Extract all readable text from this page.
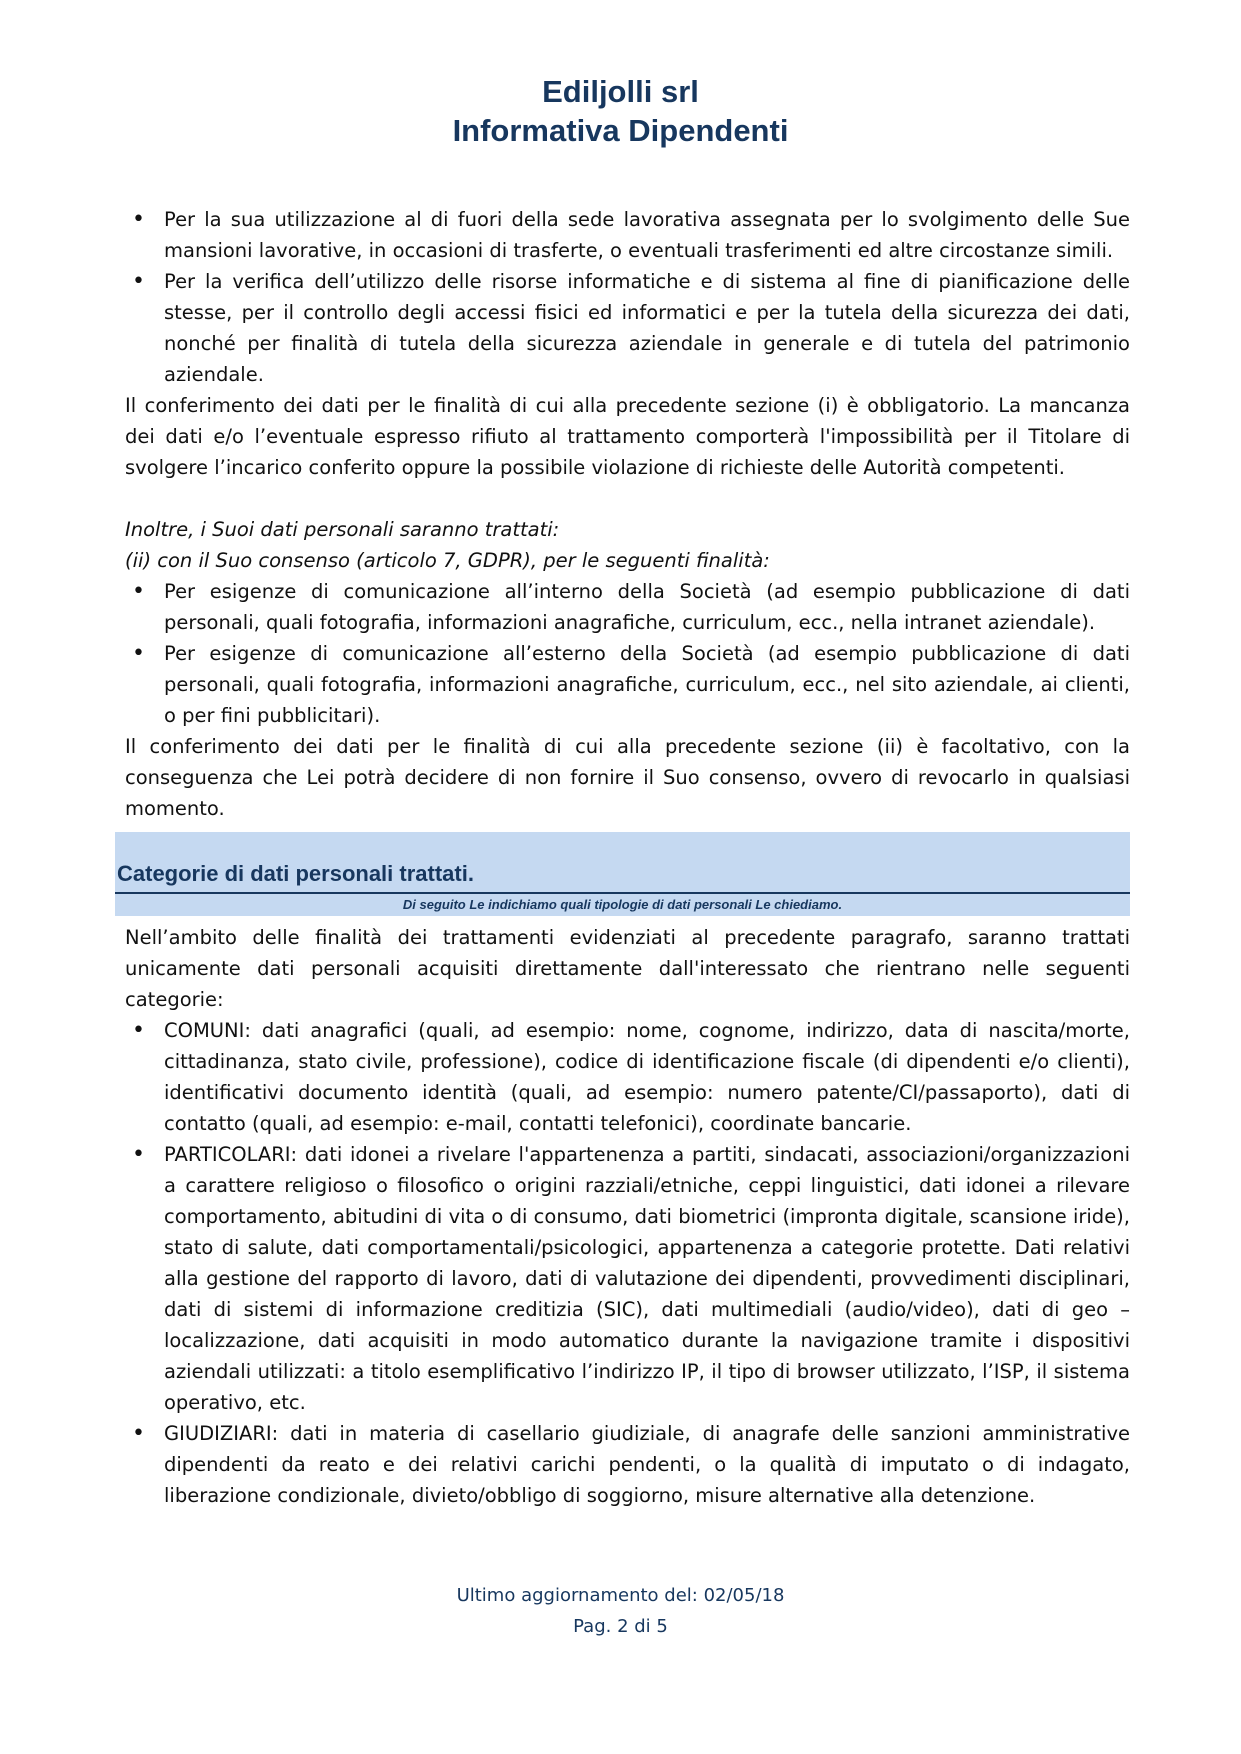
Ediljolli srl
Informativa Dipendenti
• Per la sua utilizzazione al di fuori della sede lavorativa assegnata per lo svolgimento delle Sue mansioni lavorative, in occasioni di trasferte, o eventuali trasferimenti ed altre circostanze simili.
• Per la verifica dell’utilizzo delle risorse informatiche e di sistema al fine di pianificazione delle stesse, per il controllo degli accessi fisici ed informatici e per la tutela della sicurezza dei dati, nonché per finalità di tutela della sicurezza aziendale in generale e di tutela del patrimonio aziendale.

Il conferimento dei dati per le finalità di cui alla precedente sezione (i) è obbligatorio. La mancanza dei dati e/o l’eventuale espresso rifiuto al trattamento comporterà l'impossibilità per il Titolare di svolgere l’incarico conferito oppure la possibile violazione di richieste delle Autorità competenti.

Inoltre, i Suoi dati personali saranno trattati:

(ii) con il Suo consenso (articolo 7, GDPR), per le seguenti finalità:

• Per esigenze di comunicazione all’interno della Società (ad esempio pubblicazione di dati personali, quali fotografia, informazioni anagrafiche, curriculum, ecc., nella intranet aziendale).
• Per esigenze di comunicazione all’esterno della Società (ad esempio pubblicazione di dati personali, quali fotografia, informazioni anagrafiche, curriculum, ecc., nel sito aziendale, ai clienti, o per fini pubblicitari).

Il conferimento dei dati per le finalità di cui alla precedente sezione (ii) è facoltativo, con la conseguenza che Lei potrà decidere di non fornire il Suo consenso, ovvero di revocarlo in qualsiasi momento.

Categorie di dati personali trattati.
Di seguito Le indichiamo quali tipologie di dati personali Le chiediamo.

Nell’ambito delle finalità dei trattamenti evidenziati al precedente paragrafo, saranno trattati unicamente dati personali acquisiti direttamente dall'interessato che rientrano nelle seguenti categorie:

• COMUNI: dati anagrafici (quali, ad esempio: nome, cognome, indirizzo, data di nascita/morte, cittadinanza, stato civile, professione), codice di identificazione fiscale (di dipendenti e/o clienti), identificativi documento identità (quali, ad esempio: numero patente/CI/passaporto), dati di contatto (quali, ad esempio: e-mail, contatti telefonici), coordinate bancarie.
• PARTICOLARI: dati idonei a rivelare l'appartenenza a partiti, sindacati, associazioni/organizzazioni a carattere religioso o filosofico o origini razziali/etniche, ceppi linguistici, dati idonei a rilevare comportamento, abitudini di vita o di consumo, dati biometrici (impronta digitale, scansione iride), stato di salute, dati comportamentali/psicologici, appartenenza a categorie protette. Dati relativi alla gestione del rapporto di lavoro, dati di valutazione dei dipendenti, provvedimenti disciplinari, dati di sistemi di informazione creditizia (SIC), dati multimediali (audio/video), dati di geo – localizzazione, dati acquisiti in modo automatico durante la navigazione tramite i dispositivi aziendali utilizzati: a titolo esemplificativo l’indirizzo IP, il tipo di browser utilizzato, l’ISP, il sistema operativo, etc.
• GIUDIZIARI: dati in materia di casellario giudiziale, di anagrafe delle sanzioni amministrative dipendenti da reato e dei relativi carichi pendenti, o la qualità di imputato o di indagato, liberazione condizionale, divieto/obbligo di soggiorno, misure alternative alla detenzione.
Ultimo aggiornamento del: 02/05/18
Pag. 2 di 5
